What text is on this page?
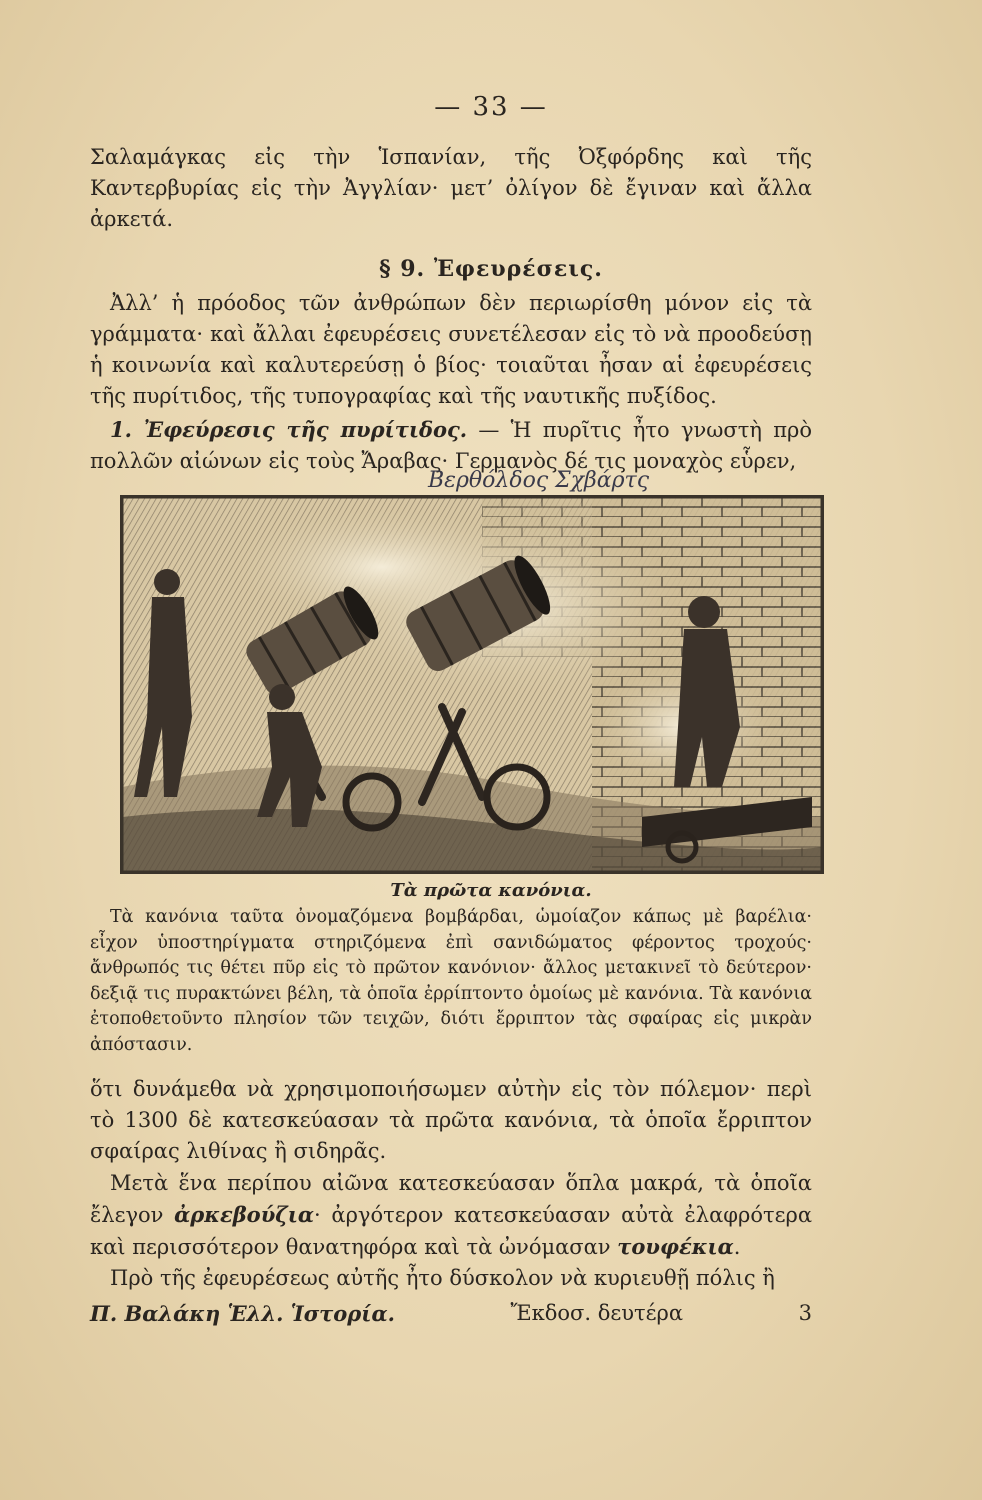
— 33 —
Σαλαμάγκας εἰς τὴν Ἱσπανίαν, τῆς Ὀξφόρδης καὶ τῆς Καντερβυρίας εἰς τὴν Ἀγγλίαν· μετ’ ὀλίγον δὲ ἔγιναν καὶ ἄλλα ἀρκετά.
§ 9. Ἐφευρέσεις.
Ἀλλ’ ἡ πρόοδος τῶν ἀνθρώπων δὲν περιωρίσθη μόνον εἰς τὰ γράμματα· καὶ ἄλλαι ἐφευρέσεις συνετέλεσαν εἰς τὸ νὰ προοδεύσῃ ἡ κοινωνία καὶ καλυτερεύσῃ ὁ βίος· τοιαῦται ἦσαν αἱ ἐφευρέσεις τῆς πυρίτιδος, τῆς τυπογραφίας καὶ τῆς ναυτικῆς πυξίδος.
1. Ἐφεύρεσις τῆς πυρίτιδος. — Ἡ πυρῖτις ἦτο γνωστὴ πρὸ πολλῶν αἰώνων εἰς τοὺς Ἄραβας· Γερμανὸς δέ τις μοναχὸς εὗρεν,
Βερθόλδος Σχβάρτς
Τὰ πρῶτα κανόνια.
Τὰ κανόνια ταῦτα ὀνομαζόμενα βομβάρδαι, ὡμοίαζον κάπως μὲ βαρέλια· εἶχον ὑποστηρίγματα στηριζόμενα ἐπὶ σανιδώματος φέροντος τροχούς· ἄνθρωπός τις θέτει πῦρ εἰς τὸ πρῶτον κανόνιον· ἄλλος μετακινεῖ τὸ δεύτερον· δεξιᾷ τις πυρακτώνει βέλη, τὰ ὁποῖα ἐρρίπτοντο ὁμοίως μὲ κανόνια. Τὰ κανόνια ἐτοποθετοῦντο πλησίον τῶν τειχῶν, διότι ἔρριπτον τὰς σφαίρας εἰς μικρὰν ἀπόστασιν.
ὅτι δυνάμεθα νὰ χρησιμοποιήσωμεν αὐτὴν εἰς τὸν πόλεμον· περὶ τὸ 1300 δὲ κατεσκεύασαν τὰ πρῶτα κανόνια, τὰ ὁποῖα ἔρριπτον σφαίρας λιθίνας ἢ σιδηρᾶς.
Μετὰ ἕνα περίπου αἰῶνα κατεσκεύασαν ὅπλα μακρά, τὰ ὁποῖα ἔλεγον ἀρκεβούζια· ἀργότερον κατεσκεύασαν αὐτὰ ἐλαφρότερα καὶ περισσότερον θανατηφόρα καὶ τὰ ὠνόμασαν τουφέκια.
Πρὸ τῆς ἐφευρέσεως αὐτῆς ἦτο δύσκολον νὰ κυριευθῇ πόλις ἢ
Π. Βαλάκη Ἑλλ. Ἱστορία.	Ἔκδοσ. δευτέρα	3
